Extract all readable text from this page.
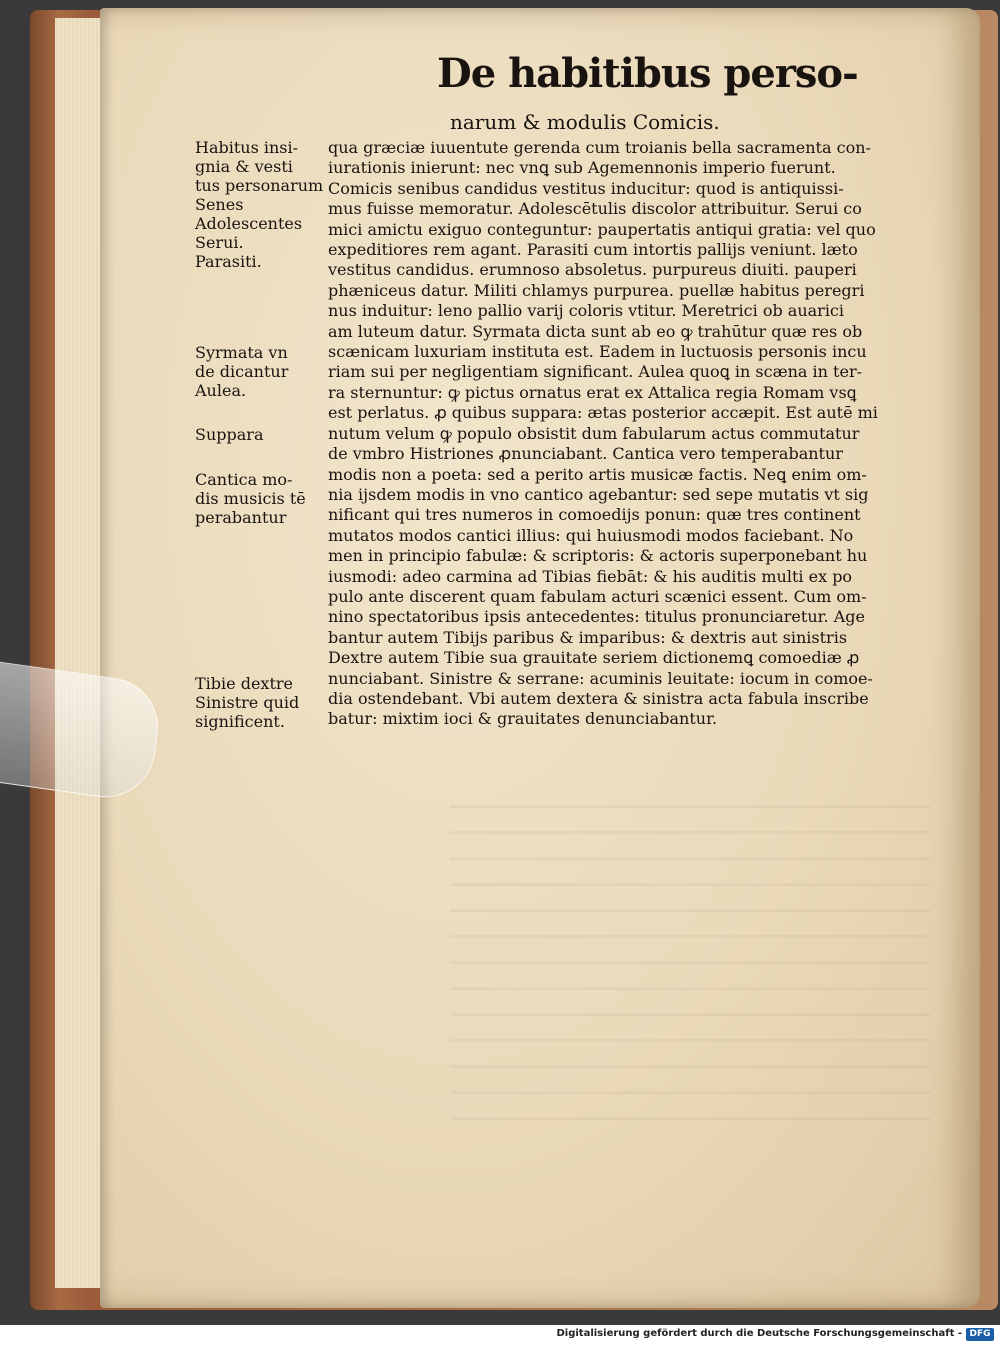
De habitibus perso-
narum & modulis Comicis.
Habitus insi-
gnia & vesti
tus personarum
Senes
Adolescentes
Serui.
Parasiti.
Syrmata vn
de dicantur
Aulea.
Suppara
Cantica mo-
dis musicis tē
perabantur
Tibie dextre
Sinistre quid
significent.
qua græciæ iuuentute gerenda cum troianis bella sacramenta con-
iurationis inierunt: nec vnꝗ sub Agemennonis imperio fuerunt.
Comicis senibus candidus vestitus inducitur: quod is antiquissi-
mus fuisse memoratur. Adolescētulis discolor attribuitur. Serui co
mici amictu exiguo conteguntur: paupertatis antiqui gratia: vel quo
expeditiores rem agant. Parasiti cum intortis pallijs veniunt. læto
vestitus candidus. erumnoso absoletus. purpureus diuiti. pauperi
phæniceus datur. Militi chlamys purpurea. puellæ habitus peregri
nus induitur: leno pallio varij coloris vtitur. Meretrici ob auarici
am luteum datur. Syrmata dicta sunt ab eo ꝙ trahūtur quæ res ob
scænicam luxuriam instituta est. Eadem in luctuosis personis incu
riam sui per negligentiam significant. Aulea quoꝗ in scæna in ter-
ra sternuntur: ꝙ pictus ornatus erat ex Attalica regia Romam vsꝗ
est perlatus. ꝓ quibus suppara: ætas posterior accæpit. Est autē mi
nutum velum ꝙ populo obsistit dum fabularum actus commutatur
de vmbro Histriones ꝓnunciabant. Cantica vero temperabantur
modis non a poeta: sed a perito artis musicæ factis. Neꝗ enim om-
nia ijsdem modis in vno cantico agebantur: sed sepe mutatis vt sig
nificant qui tres numeros in comoedijs ponun: quæ tres continent
mutatos modos cantici illius: qui huiusmodi modos faciebant. No
men in principio fabulæ: & scriptoris: & actoris superponebant hu
iusmodi: adeo carmina ad Tibias fiebāt: & his auditis multi ex po
pulo ante discerent quam fabulam acturi scænici essent. Cum om-
nino spectatoribus ipsis antecedentes: titulus pronunciaretur. Age
bantur autem Tibijs paribus & imparibus: & dextris aut sinistris
Dextre autem Tibie sua grauitate seriem dictionemꝗ comoediæ ꝓ
nunciabant. Sinistre & serrane: acuminis leuitate: iocum in comoe-
dia ostendebant. Vbi autem dextera & sinistra acta fabula inscribe
batur: mixtim ioci & grauitates denunciabantur.
Digitalisierung gefördert durch die Deutsche Forschungsgemeinschaft - DFG
